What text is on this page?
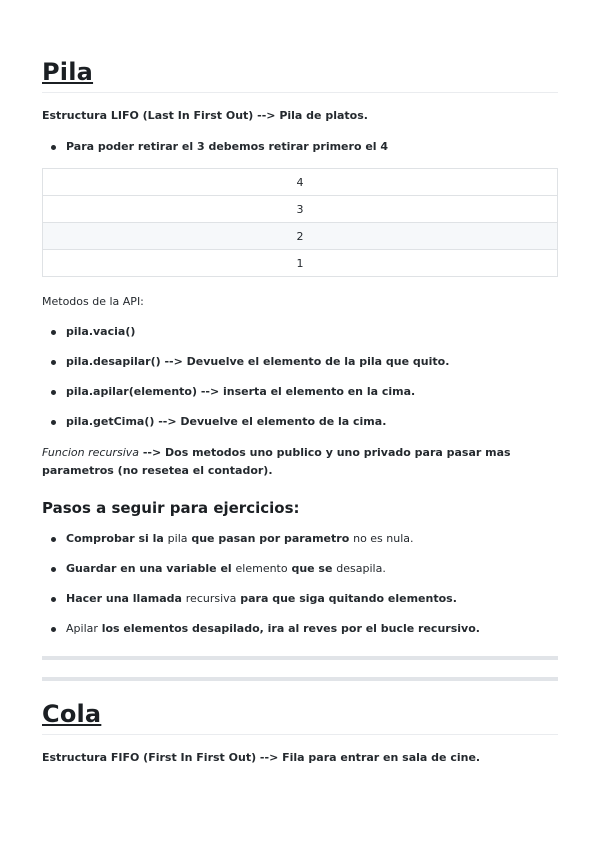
Pila

Estructura LIFO (Last In First Out) --> Pila de platos.

Para poder retirar el 3 debemos retirar primero el 4
4
3
2
1

Metodos de la API:

pila.vacia()
pila.desapilar() --> Devuelve el elemento de la pila que quito.
pila.apilar(elemento) --> inserta el elemento en la cima.
pila.getCima() --> Devuelve el elemento de la cima.

Funcion recursiva --> Dos metodos uno publico y uno privado para pasar mas parametros (no resetea el contador).

Pasos a seguir para ejercicios:
Comprobar si la pila que pasan por parametro no es nula.
Guardar en una variable el elemento que se desapila.
Hacer una llamada recursiva para que siga quitando elementos.
Apilar los elementos desapilado, ira al reves por el bucle recursivo.
Cola

Estructura FIFO (First In First Out) --> Fila para entrar en sala de cine.
